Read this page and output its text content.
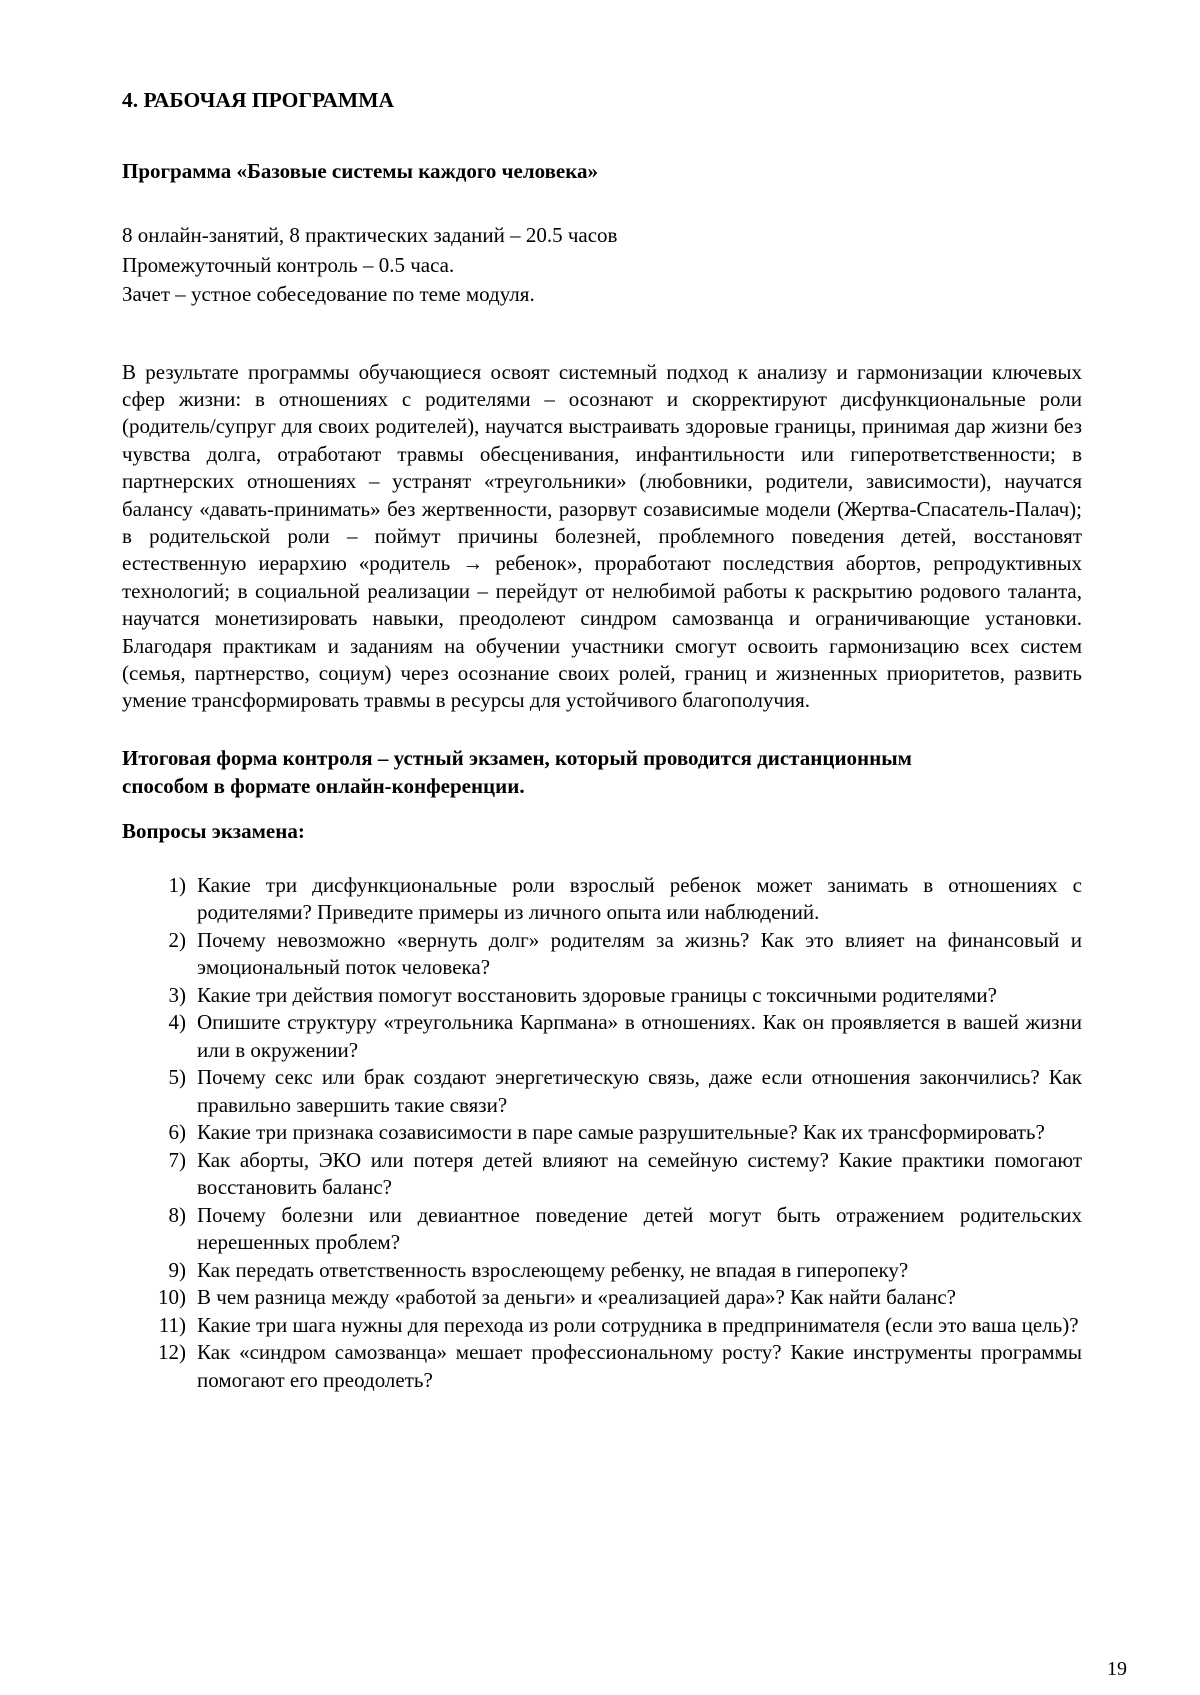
4. РАБОЧАЯ ПРОГРАММА

Программа «Базовые системы каждого человека»

8 онлайн-занятий, 8 практических заданий – 20.5 часов

Промежуточный контроль – 0.5 часа.

Зачет – устное собеседование по теме модуля.

В результате программы обучающиеся освоят системный подход к анализу и гармонизации ключевых сфер жизни: в отношениях с родителями – осознают и скорректируют дисфункциональные роли (родитель/супруг для своих родителей), научатся выстраивать здоровые границы, принимая дар жизни без чувства долга, отработают травмы обесценивания, инфантильности или гиперответственности; в партнерских отношениях – устранят «треугольники» (любовники, родители, зависимости), научатся балансу «давать-принимать» без жертвенности, разорвут созависимые модели (Жертва-Спасатель-Палач); в родительской роли – поймут причины болезней, проблемного поведения детей, восстановят естественную иерархию «родитель → ребенок», проработают последствия абортов, репродуктивных технологий; в социальной реализации – перейдут от нелюбимой работы к раскрытию родового таланта, научатся монетизировать навыки, преодолеют синдром самозванца и ограничивающие установки. Благодаря практикам и заданиям на обучении участники смогут освоить гармонизацию всех систем (семья, партнерство, социум) через осознание своих ролей, границ и жизненных приоритетов, развить умение трансформировать травмы в ресурсы для устойчивого благополучия.

Итоговая форма контроля – устный экзамен, который проводится дистанционным способом в формате онлайн-конференции.

Вопросы экзамена:

1) Какие три дисфункциональные роли взрослый ребенок может занимать в отношениях с родителями? Приведите примеры из личного опыта или наблюдений.
2) Почему невозможно «вернуть долг» родителям за жизнь? Как это влияет на финансовый и эмоциональный поток человека?
3) Какие три действия помогут восстановить здоровые границы с токсичными родителями?
4) Опишите структуру «треугольника Карпмана» в отношениях. Как он проявляется в вашей жизни или в окружении?
5) Почему секс или брак создают энергетическую связь, даже если отношения закончились? Как правильно завершить такие связи?
6) Какие три признака созависимости в паре самые разрушительные? Как их трансформировать?
7) Как аборты, ЭКО или потеря детей влияют на семейную систему? Какие практики помогают восстановить баланс?
8) Почему болезни или девиантное поведение детей могут быть отражением родительских нерешенных проблем?
9) Как передать ответственность взрослеющему ребенку, не впадая в гиперопеку?
10) В чем разница между «работой за деньги» и «реализацией дара»? Как найти баланс?
11) Какие три шага нужны для перехода из роли сотрудника в предпринимателя (если это ваша цель)?
12) Как «синдром самозванца» мешает профессиональному росту? Какие инструменты программы помогают его преодолеть?
19
